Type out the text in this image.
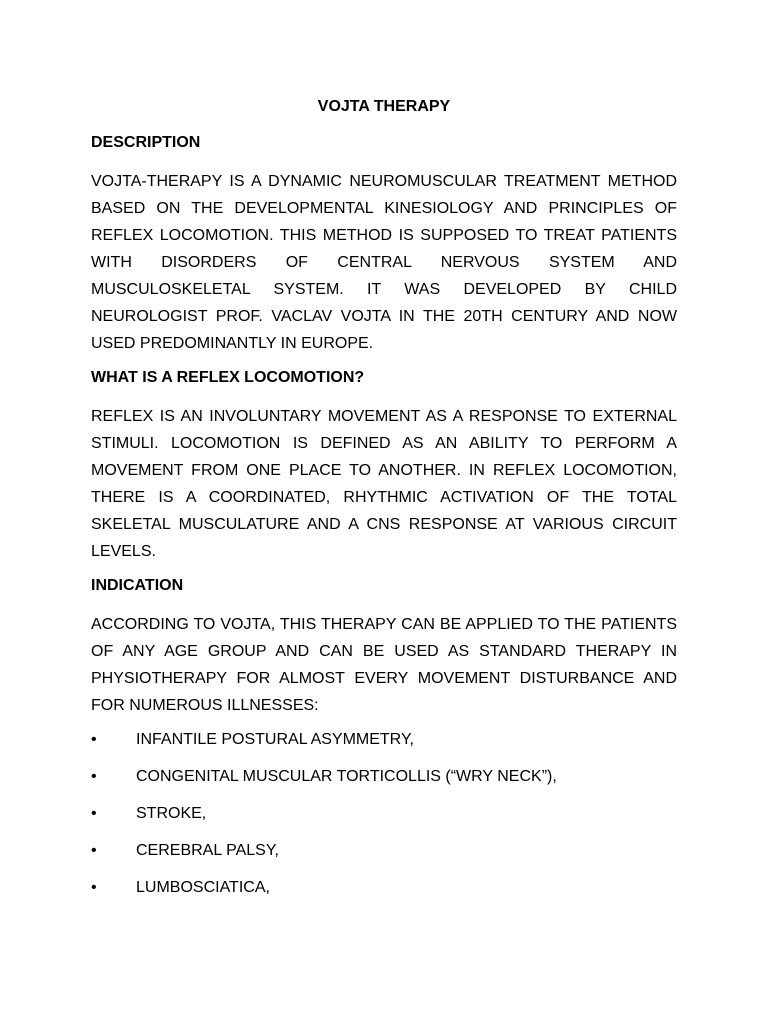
VOJTA THERAPY
DESCRIPTION

VOJTA-THERAPY IS A DYNAMIC NEUROMUSCULAR TREATMENT METHOD BASED ON THE DEVELOPMENTAL KINESIOLOGY AND PRINCIPLES OF REFLEX LOCOMOTION. THIS METHOD IS SUPPOSED TO TREAT PATIENTS WITH DISORDERS OF CENTRAL NERVOUS SYSTEM AND MUSCULOSKELETAL SYSTEM. IT WAS DEVELOPED BY CHILD NEUROLOGIST PROF. VACLAV VOJTA IN THE 20TH CENTURY AND NOW USED PREDOMINANTLY IN EUROPE.

WHAT IS A REFLEX LOCOMOTION?

REFLEX IS AN INVOLUNTARY MOVEMENT AS A RESPONSE TO EXTERNAL STIMULI. LOCOMOTION IS DEFINED AS AN ABILITY TO PERFORM A MOVEMENT FROM ONE PLACE TO ANOTHER. IN REFLEX LOCOMOTION, THERE IS A COORDINATED, RHYTHMIC ACTIVATION OF THE TOTAL SKELETAL MUSCULATURE AND A CNS RESPONSE AT VARIOUS CIRCUIT LEVELS.

INDICATION

ACCORDING TO VOJTA, THIS THERAPY CAN BE APPLIED TO THE PATIENTS OF ANY AGE GROUP AND CAN BE USED AS STANDARD THERAPY IN PHYSIOTHERAPY FOR ALMOST EVERY MOVEMENT DISTURBANCE AND FOR NUMEROUS ILLNESSES:

• INFANTILE POSTURAL ASYMMETRY,
• CONGENITAL MUSCULAR TORTICOLLIS (“WRY NECK”),
• STROKE,
• CEREBRAL PALSY,
• LUMBOSCIATICA,
